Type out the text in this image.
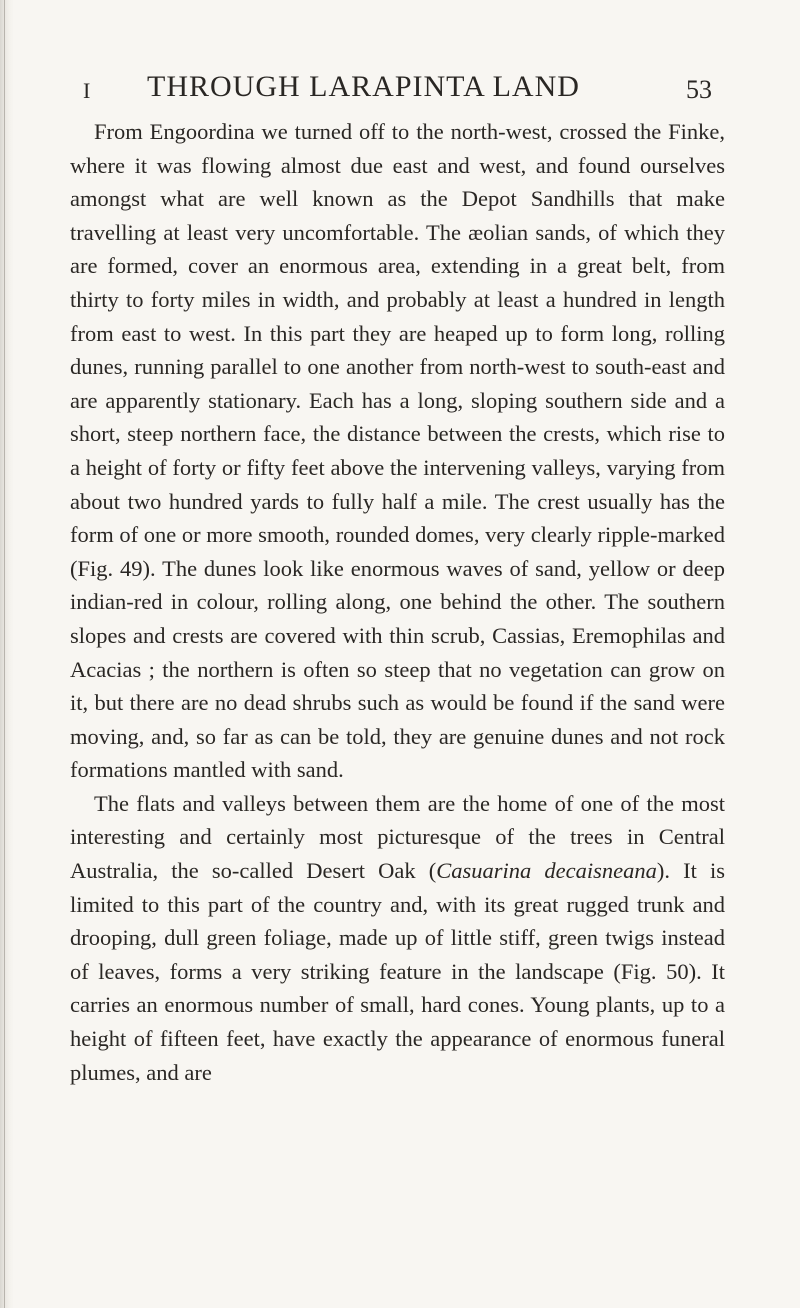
I THROUGH LARAPINTA LAND	53

From Engoordina we turned off to the north-west, crossed the Finke, where it was flowing almost due east and west, and found ourselves amongst what are well known as the Depot Sandhills that make travelling at least very uncomfortable. The æolian sands, of which they are formed, cover an enormous area, extending in a great belt, from thirty to forty miles in width, and probably at least a hundred in length from east to west. In this part they are heaped up to form long, rolling dunes, running parallel to one another from north-west to south-east and are apparently stationary. Each has a long, sloping southern side and a short, steep northern face, the distance between the crests, which rise to a height of forty or fifty feet above the intervening valleys, varying from about two hundred yards to fully half a mile. The crest usually has the form of one or more smooth, rounded domes, very clearly ripple-marked (Fig. 49). The dunes look like enormous waves of sand, yellow or deep indian-red in colour, rolling along, one behind the other. The southern slopes and crests are covered with thin scrub, Cassias, Eremophilas and Acacias ; the northern is often so steep that no vegetation can grow on it, but there are no dead shrubs such as would be found if the sand were moving, and, so far as can be told, they are genuine dunes and not rock formations mantled with sand.

The flats and valleys between them are the home of one of the most interesting and certainly most picturesque of the trees in Central Australia, the so-called Desert Oak (Casuarina decaisneana). It is limited to this part of the country and, with its great rugged trunk and drooping, dull green foliage, made up of little stiff, green twigs instead of leaves, forms a very striking feature in the landscape (Fig. 50). It carries an enormous number of small, hard cones. Young plants, up to a height of fifteen feet, have exactly the appearance of enormous funeral plumes, and are
